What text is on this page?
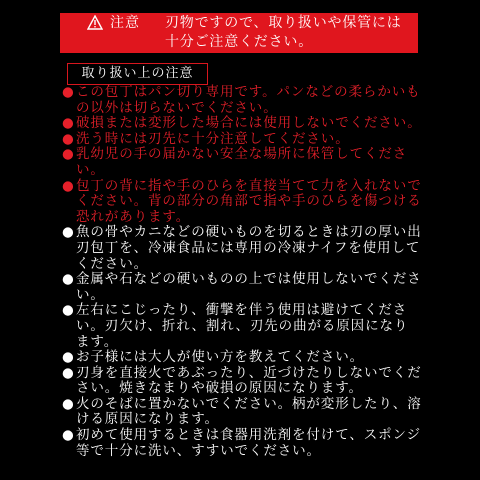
注意 刃物ですので、取り扱いや保管には十分ご注意ください。
取り扱い上の注意
● この包丁はパン切り専用です。パンなどの柔らかいもの以外は切らないでください。
● 破損または変形した場合には使用しないでください。
● 洗う時には刃先に十分注意してください。
● 乳幼児の手の届かない安全な場所に保管してください。
● 包丁の背に指や手のひらを直接当てて力を入れないでください。背の部分の角部で指や手のひらを傷つける恐れがあります。
● 魚の骨やカニなどの硬いものを切るときは刃の厚い出刃包丁を、冷凍食品には専用の冷凍ナイフを使用してください。
● 金属や石などの硬いものの上では使用しないでください。
● 左右にこじったり、衝撃を伴う使用は避けてください。刃欠け、折れ、割れ、刃先の曲がる原因になります。
● お子様には大人が使い方を教えてください。
● 刃身を直接火であぶったり、近づけたりしないでください。焼きなまりや破損の原因になります。
● 火のそばに置かないでください。柄が変形したり、溶ける原因になります。
● 初めて使用するときは食器用洗剤を付けて、スポンジ等で十分に洗い、すすいでください。
